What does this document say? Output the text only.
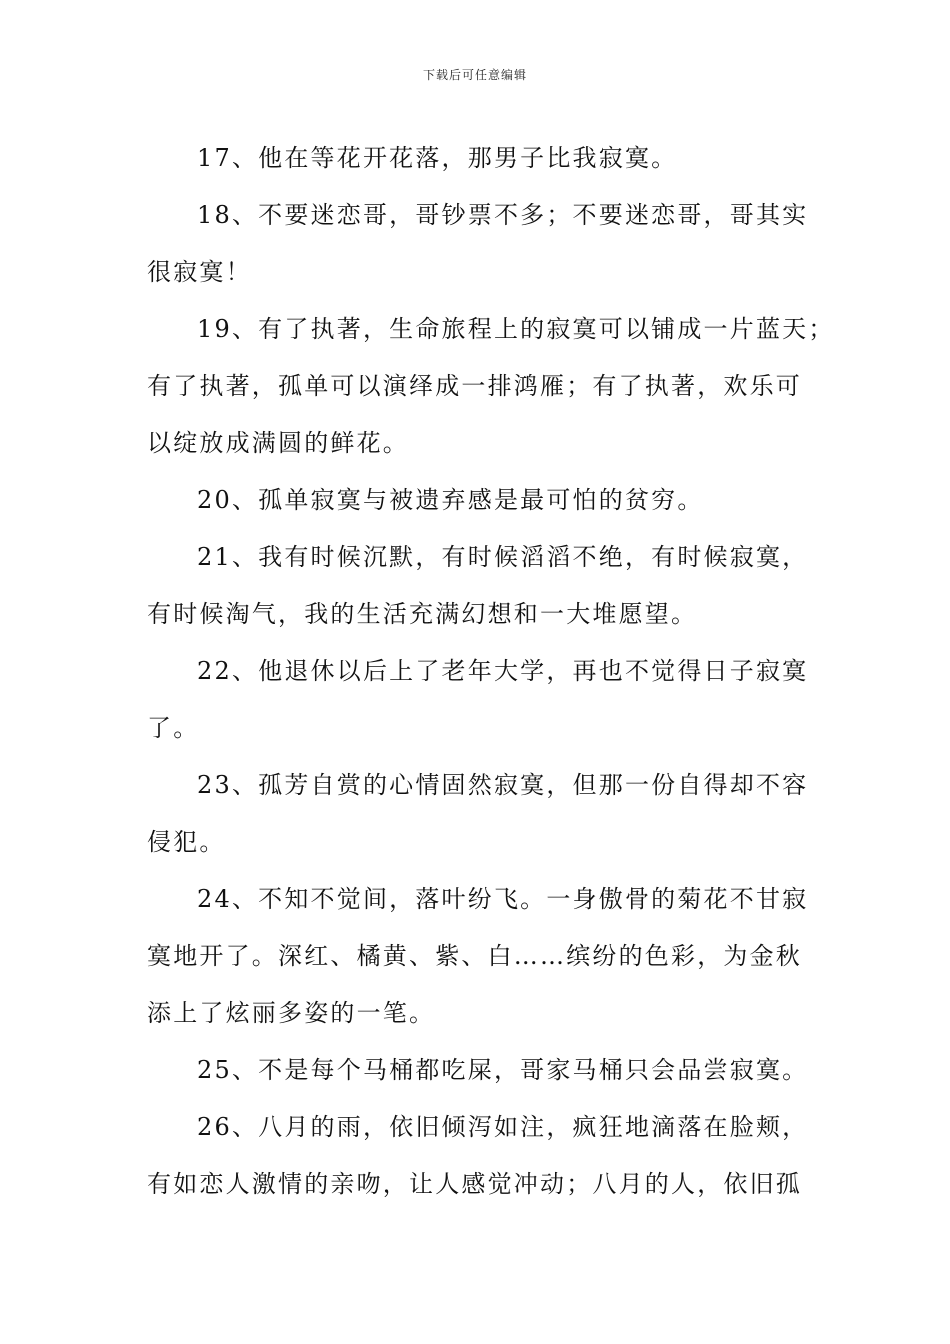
下载后可任意编辑
17、他在等花开花落，那男子比我寂寞。
18、不要迷恋哥，哥钞票不多；不要迷恋哥，哥其实
很寂寞！
19、有了执著，生命旅程上的寂寞可以铺成一片蓝天；
有了执著，孤单可以演绎成一排鸿雁；有了执著，欢乐可
以绽放成满圆的鲜花。
20、孤单寂寞与被遗弃感是最可怕的贫穷。
21、我有时候沉默，有时候滔滔不绝，有时候寂寞，
有时候淘气，我的生活充满幻想和一大堆愿望。
22、他退休以后上了老年大学，再也不觉得日子寂寞
了。
23、孤芳自赏的心情固然寂寞，但那一份自得却不容
侵犯。
24、不知不觉间，落叶纷飞。一身傲骨的菊花不甘寂
寞地开了。深红、橘黄、紫、白……缤纷的色彩，为金秋
添上了炫丽多姿的一笔。
25、不是每个马桶都吃屎，哥家马桶只会品尝寂寞。
26、八月的雨，依旧倾泻如注，疯狂地滴落在脸颊，
有如恋人激情的亲吻，让人感觉冲动；八月的人，依旧孤
